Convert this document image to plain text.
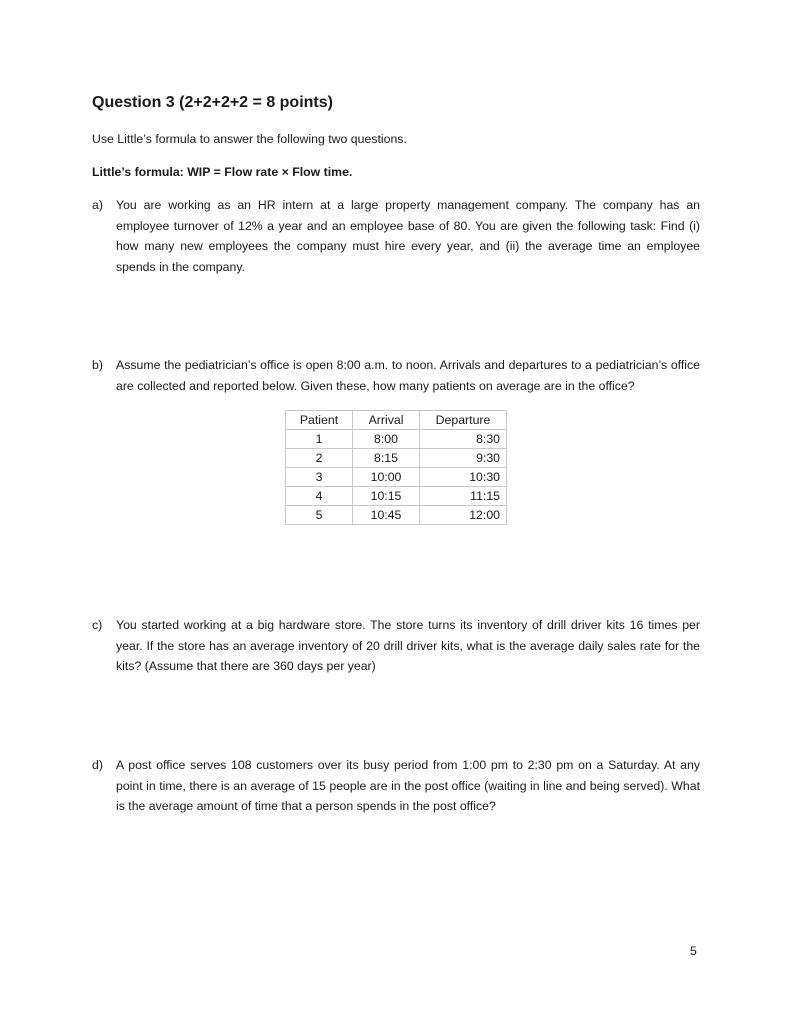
Question 3 (2+2+2+2 = 8 points)
Use Little’s formula to answer the following two questions.
Little’s formula: WIP = Flow rate × Flow time.
a) You are working as an HR intern at a large property management company. The company has an employee turnover of 12% a year and an employee base of 80. You are given the following task: Find (i) how many new employees the company must hire every year, and (ii) the average time an employee spends in the company.
b) Assume the pediatrician’s office is open 8:00 a.m. to noon. Arrivals and departures to a pediatrician’s office are collected and reported below. Given these, how many patients on average are in the office?
Patient	Arrival	Departure
1	8:00	8:30
2	8:15	9:30
3	10:00	10:30
4	10:15	11:15
5	10:45	12:00
c) You started working at a big hardware store. The store turns its inventory of drill driver kits 16 times per year. If the store has an average inventory of 20 drill driver kits, what is the average daily sales rate for the kits? (Assume that there are 360 days per year)
d) A post office serves 108 customers over its busy period from 1:00 pm to 2:30 pm on a Saturday. At any point in time, there is an average of 15 people are in the post office (waiting in line and being served). What is the average amount of time that a person spends in the post office?
5
